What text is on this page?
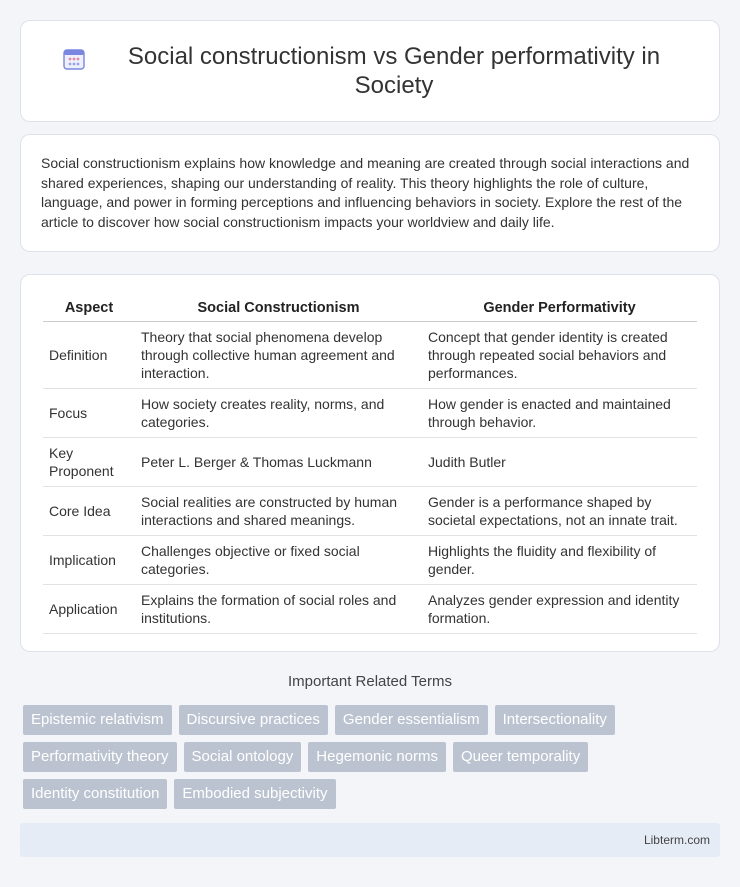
Social constructionism vs Gender performativity in Society

Social constructionism explains how knowledge and meaning are created through social interactions and shared experiences, shaping our understanding of reality. This theory highlights the role of culture, language, and power in forming perceptions and influencing behaviors in society. Explore the rest of the article to discover how social constructionism impacts your worldview and daily life.

Aspect	Social Constructionism	Gender Performativity
Definition	Theory that social phenomena develop through collective human agreement and interaction.	Concept that gender identity is created through repeated social behaviors and performances.
Focus	How society creates reality, norms, and categories.	How gender is enacted and maintained through behavior.
Key Proponent	Peter L. Berger & Thomas Luckmann	Judith Butler
Core Idea	Social realities are constructed by human interactions and shared meanings.	Gender is a performance shaped by societal expectations, not an innate trait.
Implication	Challenges objective or fixed social categories.	Highlights the fluidity and flexibility of gender.
Application	Explains the formation of social roles and institutions.	Analyzes gender expression and identity formation.
Important Related Terms
Epistemic relativism	Discursive practices	Gender essentialism	Intersectionality
Performativity theory	Social ontology	Hegemonic norms	Queer temporality
Identity constitution	Embodied subjectivity
Libterm.com
